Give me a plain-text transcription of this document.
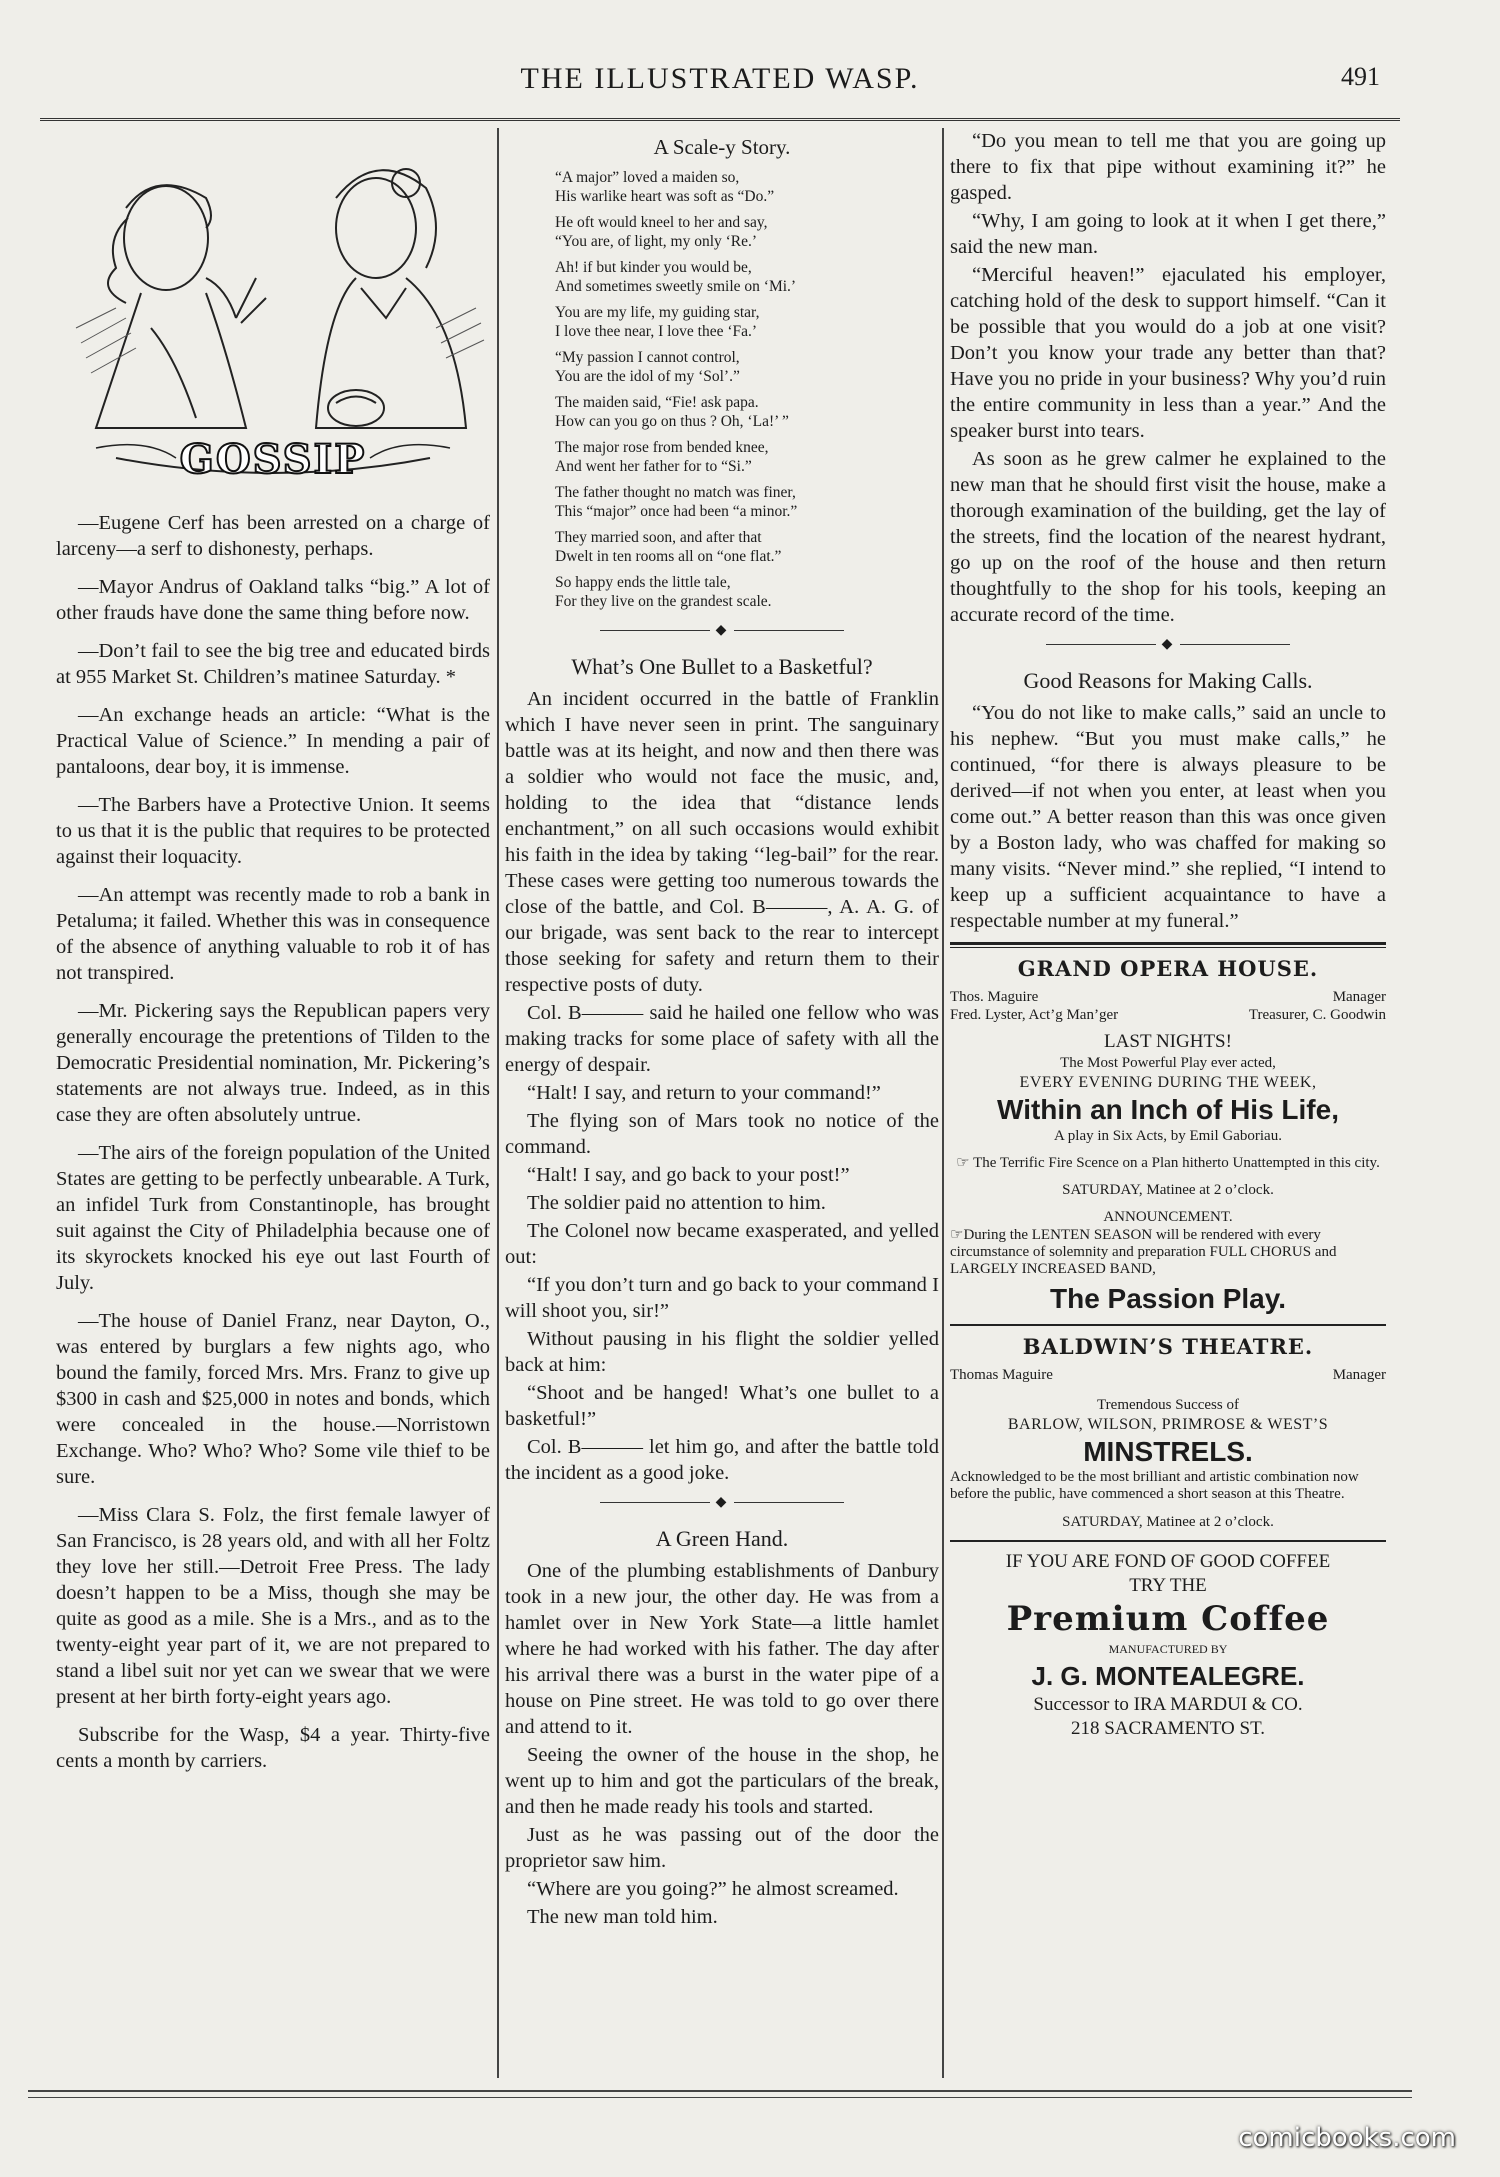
THE ILLUSTRATED WASP.	491
GOSSIP

—Eugene Cerf has been arrested on a charge of larceny—a serf to dishonesty, perhaps.

—Mayor Andrus of Oakland talks “big.” A lot of other frauds have done the same thing before now.

—Don’t fail to see the big tree and educated birds at 955 Market St. Children’s matinee Saturday. *

—An exchange heads an article: “What is the Practical Value of Science.” In mending a pair of pantaloons, dear boy, it is immense.

—The Barbers have a Protective Union. It seems to us that it is the public that requires to be protected against their loquacity.

—An attempt was recently made to rob a bank in Petaluma; it failed. Whether this was in consequence of the absence of anything valuable to rob it of has not transpired.

—Mr. Pickering says the Republican papers very generally encourage the pretentions of Tilden to the Democratic Presidential nomination, Mr. Pickering’s statements are not always true. Indeed, as in this case they are often absolutely untrue.

—The airs of the foreign population of the United States are getting to be perfectly unbearable. A Turk, an infidel Turk from Constantinople, has brought suit against the City of Philadelphia because one of its skyrockets knocked his eye out last Fourth of July.

—The house of Daniel Franz, near Dayton, O., was entered by burglars a few nights ago, who bound the family, forced Mrs. Mrs. Franz to give up $300 in cash and $25,000 in notes and bonds, which were concealed in the house.—Norristown Exchange. Who? Who? Who? Some vile thief to be sure.

—Miss Clara S. Folz, the first female lawyer of San Francisco, is 28 years old, and with all her Foltz they love her still.—Detroit Free Press. The lady doesn’t happen to be a Miss, though she may be quite as good as a mile. She is a Mrs., and as to the twenty-eight year part of it, we are not prepared to stand a libel suit nor yet can we swear that we were present at her birth forty-eight years ago.

Subscribe for the Wasp, $4 a year. Thirty-five cents a month by carriers.

A Scale-y Story.
“A major” loved a maiden so,
His warlike heart was soft as “Do.”
He oft would kneel to her and say,
“You are, of light, my only ‘Re.’
Ah! if but kinder you would be,
And sometimes sweetly smile on ‘Mi.’
You are my life, my guiding star,
I love thee near, I love thee ‘Fa.’
“My passion I cannot control,
You are the idol of my ‘Sol’.”
The maiden said, “Fie! ask papa.
How can you go on thus ? Oh, ‘La!’ ”
The major rose from bended knee,
And went her father for to “Si.”
The father thought no match was finer,
This “major” once had been “a minor.”
They married soon, and after that
Dwelt in ten rooms all on “one flat.”
So happy ends the little tale,
For they live on the grandest scale.
◆
What’s One Bullet to a Basketful?

An incident occurred in the battle of Franklin which I have never seen in print. The sanguinary battle was at its height, and now and then there was a soldier who would not face the music, and, holding to the idea that “distance lends enchantment,” on all such occasions would exhibit his faith in the idea by taking ‘‘leg-bail” for the rear. These cases were getting too numerous towards the close of the battle, and Col. B———, A. A. G. of our brigade, was sent back to the rear to intercept those seeking for safety and return them to their respective posts of duty.

Col. B——— said he hailed one fellow who was making tracks for some place of safety with all the energy of despair.

“Halt! I say, and return to your command!”

The flying son of Mars took no notice of the command.

“Halt! I say, and go back to your post!”

The soldier paid no attention to him.

The Colonel now became exasperated, and yelled out:

“If you don’t turn and go back to your command I will shoot you, sir!”

Without pausing in his flight the soldier yelled back at him:

“Shoot and be hanged! What’s one bullet to a basketful!”

Col. B——— let him go, and after the battle told the incident as a good joke.

◆
A Green Hand.

One of the plumbing establishments of Danbury took in a new jour, the other day. He was from a hamlet over in New York State—a little hamlet where he had worked with his father. The day after his arrival there was a burst in the water pipe of a house on Pine street. He was told to go over there and attend to it.

Seeing the owner of the house in the shop, he went up to him and got the particulars of the break, and then he made ready his tools and started.

Just as he was passing out of the door the proprietor saw him.

“Where are you going?” he almost screamed.

The new man told him.

“Do you mean to tell me that you are going up there to fix that pipe without examining it?” he gasped.

“Why, I am going to look at it when I get there,” said the new man.

“Merciful heaven!” ejaculated his employer, catching hold of the desk to support himself. “Can it be possible that you would do a job at one visit? Don’t you know your trade any better than that? Have you no pride in your business? Why you’d ruin the entire community in less than a year.” And the speaker burst into tears.

As soon as he grew calmer he explained to the new man that he should first visit the house, make a thorough examination of the building, get the lay of the streets, find the location of the nearest hydrant, go up on the roof of the house and then return thoughtfully to the shop for his tools, keeping an accurate record of the time.

◆
Good Reasons for Making Calls.

“You do not like to make calls,” said an uncle to his nephew. “But you must make calls,” he continued, “for there is always pleasure to be derived—if not when you enter, at least when you come out.” A better reason than this was once given by a Boston lady, who was chaffed for making so many visits. “Never mind.” she replied, “I intend to keep up a sufficient acquaintance to have a respectable number at my funeral.”

GRAND OPERA HOUSE.
Thos. Maguire	Manager
Fred. Lyster, Act’g Man’ger	Treasurer, C. Goodwin
LAST NIGHTS!
The Most Powerful Play ever acted,
EVERY EVENING DURING THE WEEK,
Within an Inch of His Life,
A play in Six Acts, by Emil Gaboriau.
☞ The Terrific Fire Scence on a Plan hitherto Unattempted in this city.
SATURDAY, Matinee at 2 o’clock.
ANNOUNCEMENT.
☞During the LENTEN SEASON will be rendered with every circumstance of solemnity and preparation FULL CHORUS and LARGELY INCREASED BAND,
The Passion Play.
BALDWIN’S THEATRE.
Thomas Maguire	Manager
Tremendous Success of
BARLOW, WILSON, PRIMROSE & WEST’S
MINSTRELS.
Acknowledged to be the most brilliant and artistic combination now before the public, have commenced a short season at this Theatre.
SATURDAY, Matinee at 2 o’clock.
IF YOU ARE FOND OF GOOD COFFEE
TRY THE
Premium Coffee
MANUFACTURED BY
J. G. MONTEALEGRE.
Successor to IRA MARDUI & CO.
218 SACRAMENTO ST.
comicbooks.com
